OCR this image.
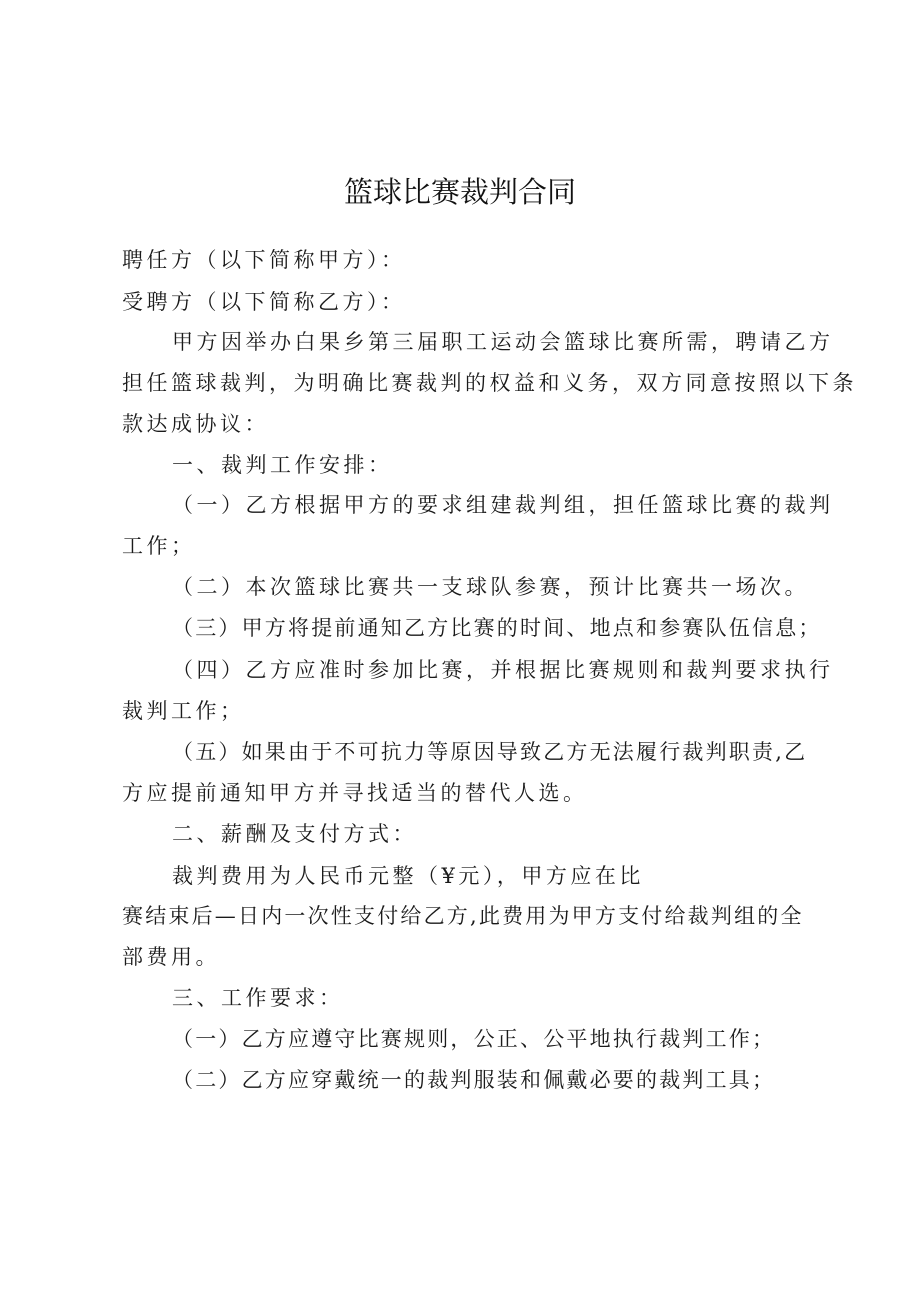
篮球比赛裁判合同
聘任方（以下简称甲方）：
受聘方（以下简称乙方）：
甲方因举办白果乡第三届职工运动会篮球比赛所需，聘请乙方
担任篮球裁判，为明确比赛裁判的权益和义务，双方同意按照以下条
款达成协议：
一、裁判工作安排：
（一）乙方根据甲方的要求组建裁判组，担任篮球比赛的裁判
工作；
（二）本次篮球比赛共一支球队参赛，预计比赛共一场次。
（三）甲方将提前通知乙方比赛的时间、地点和参赛队伍信息；
（四）乙方应准时参加比赛，并根据比赛规则和裁判要求执行
裁判工作；
（五）如果由于不可抗力等原因导致乙方无法履行裁判职责,乙
方应提前通知甲方并寻找适当的替代人选。
二、薪酬及支付方式：
裁判费用为人民币元整（¥元），甲方应在比
赛结束后—日内一次性支付给乙方,此费用为甲方支付给裁判组的全
部费用。
三、工作要求：
（一）乙方应遵守比赛规则，公正、公平地执行裁判工作；
（二）乙方应穿戴统一的裁判服装和佩戴必要的裁判工具；
